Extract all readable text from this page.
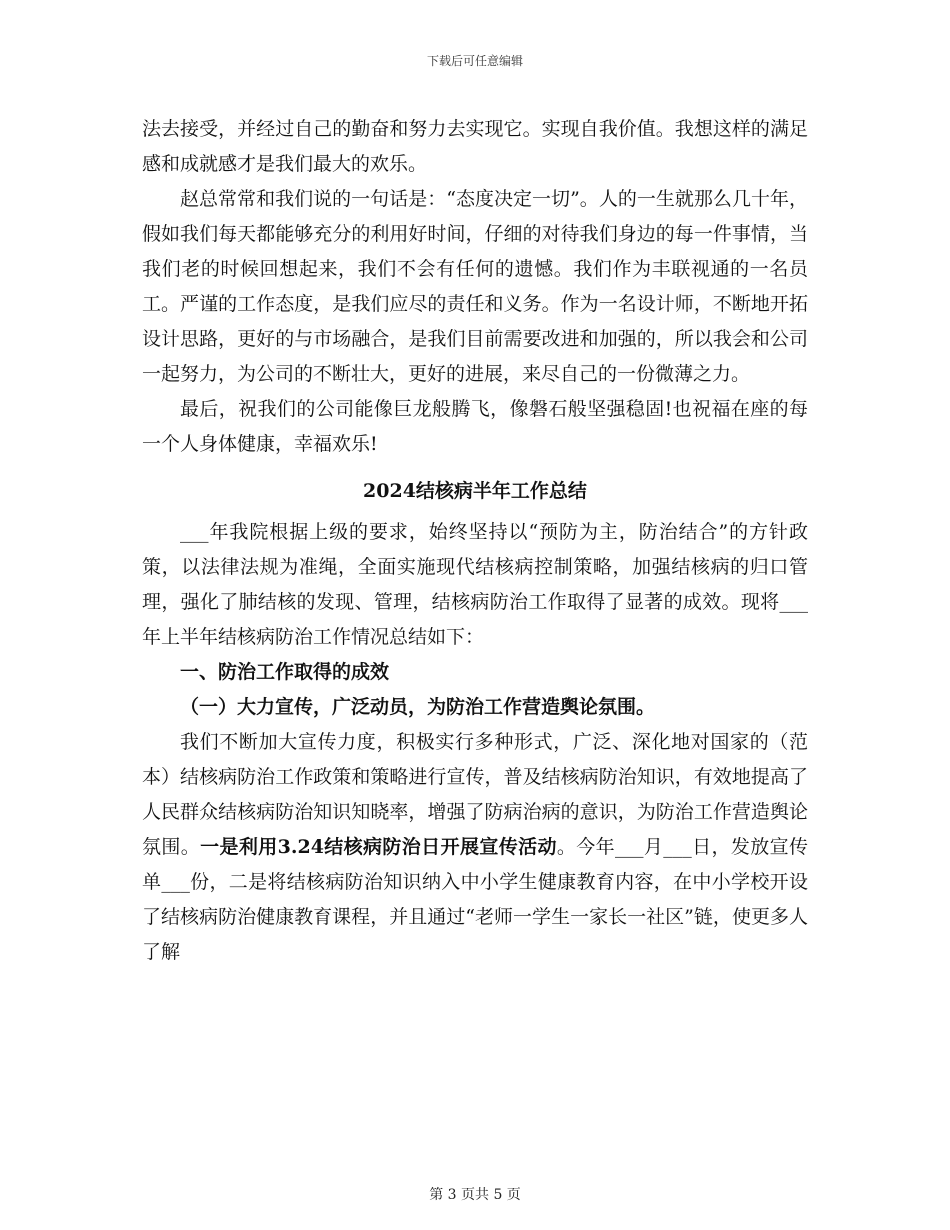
下载后可任意编辑

法去接受，并经过自己的勤奋和努力去实现它。实现自我价值。我想这样的满足感和成就感才是我们最大的欢乐。

赵总常常和我们说的一句话是：“态度决定一切”。人的一生就那么几十年，假如我们每天都能够充分的利用好时间，仔细的对待我们身边的每一件事情，当我们老的时候回想起来，我们不会有任何的遗憾。我们作为丰联视通的一名员工。严谨的工作态度，是我们应尽的责任和义务。作为一名设计师，不断地开拓设计思路，更好的与市场融合，是我们目前需要改进和加强的，所以我会和公司一起努力，为公司的不断壮大，更好的进展，来尽自己的一份微薄之力。

最后，祝我们的公司能像巨龙般腾飞，像磐石般坚强稳固!也祝福在座的每一个人身体健康，幸福欢乐!

2024结核病半年工作总结

___年我院根据上级的要求，始终坚持以“预防为主，防治结合”的方针政策，以法律法规为准绳，全面实施现代结核病控制策略，加强结核病的归口管理，强化了肺结核的发现、管理，结核病防治工作取得了显著的成效。现将___年上半年结核病防治工作情况总结如下：

一、防治工作取得的成效

（一）大力宣传，广泛动员，为防治工作营造舆论氛围。

我们不断加大宣传力度，积极实行多种形式，广泛、深化地对国家的（范本）结核病防治工作政策和策略进行宣传，普及结核病防治知识，有效地提高了人民群众结核病防治知识知晓率，增强了防病治病的意识，为防治工作营造舆论氛围。一是利用3.24结核病防治日开展宣传活动。今年___月___日，发放宣传单___份，二是将结核病防治知识纳入中小学生健康教育内容，在中小学校开设了结核病防治健康教育课程，并且通过“老师一学生一家长一社区”链，使更多人了解

第 3 页共 5 页
